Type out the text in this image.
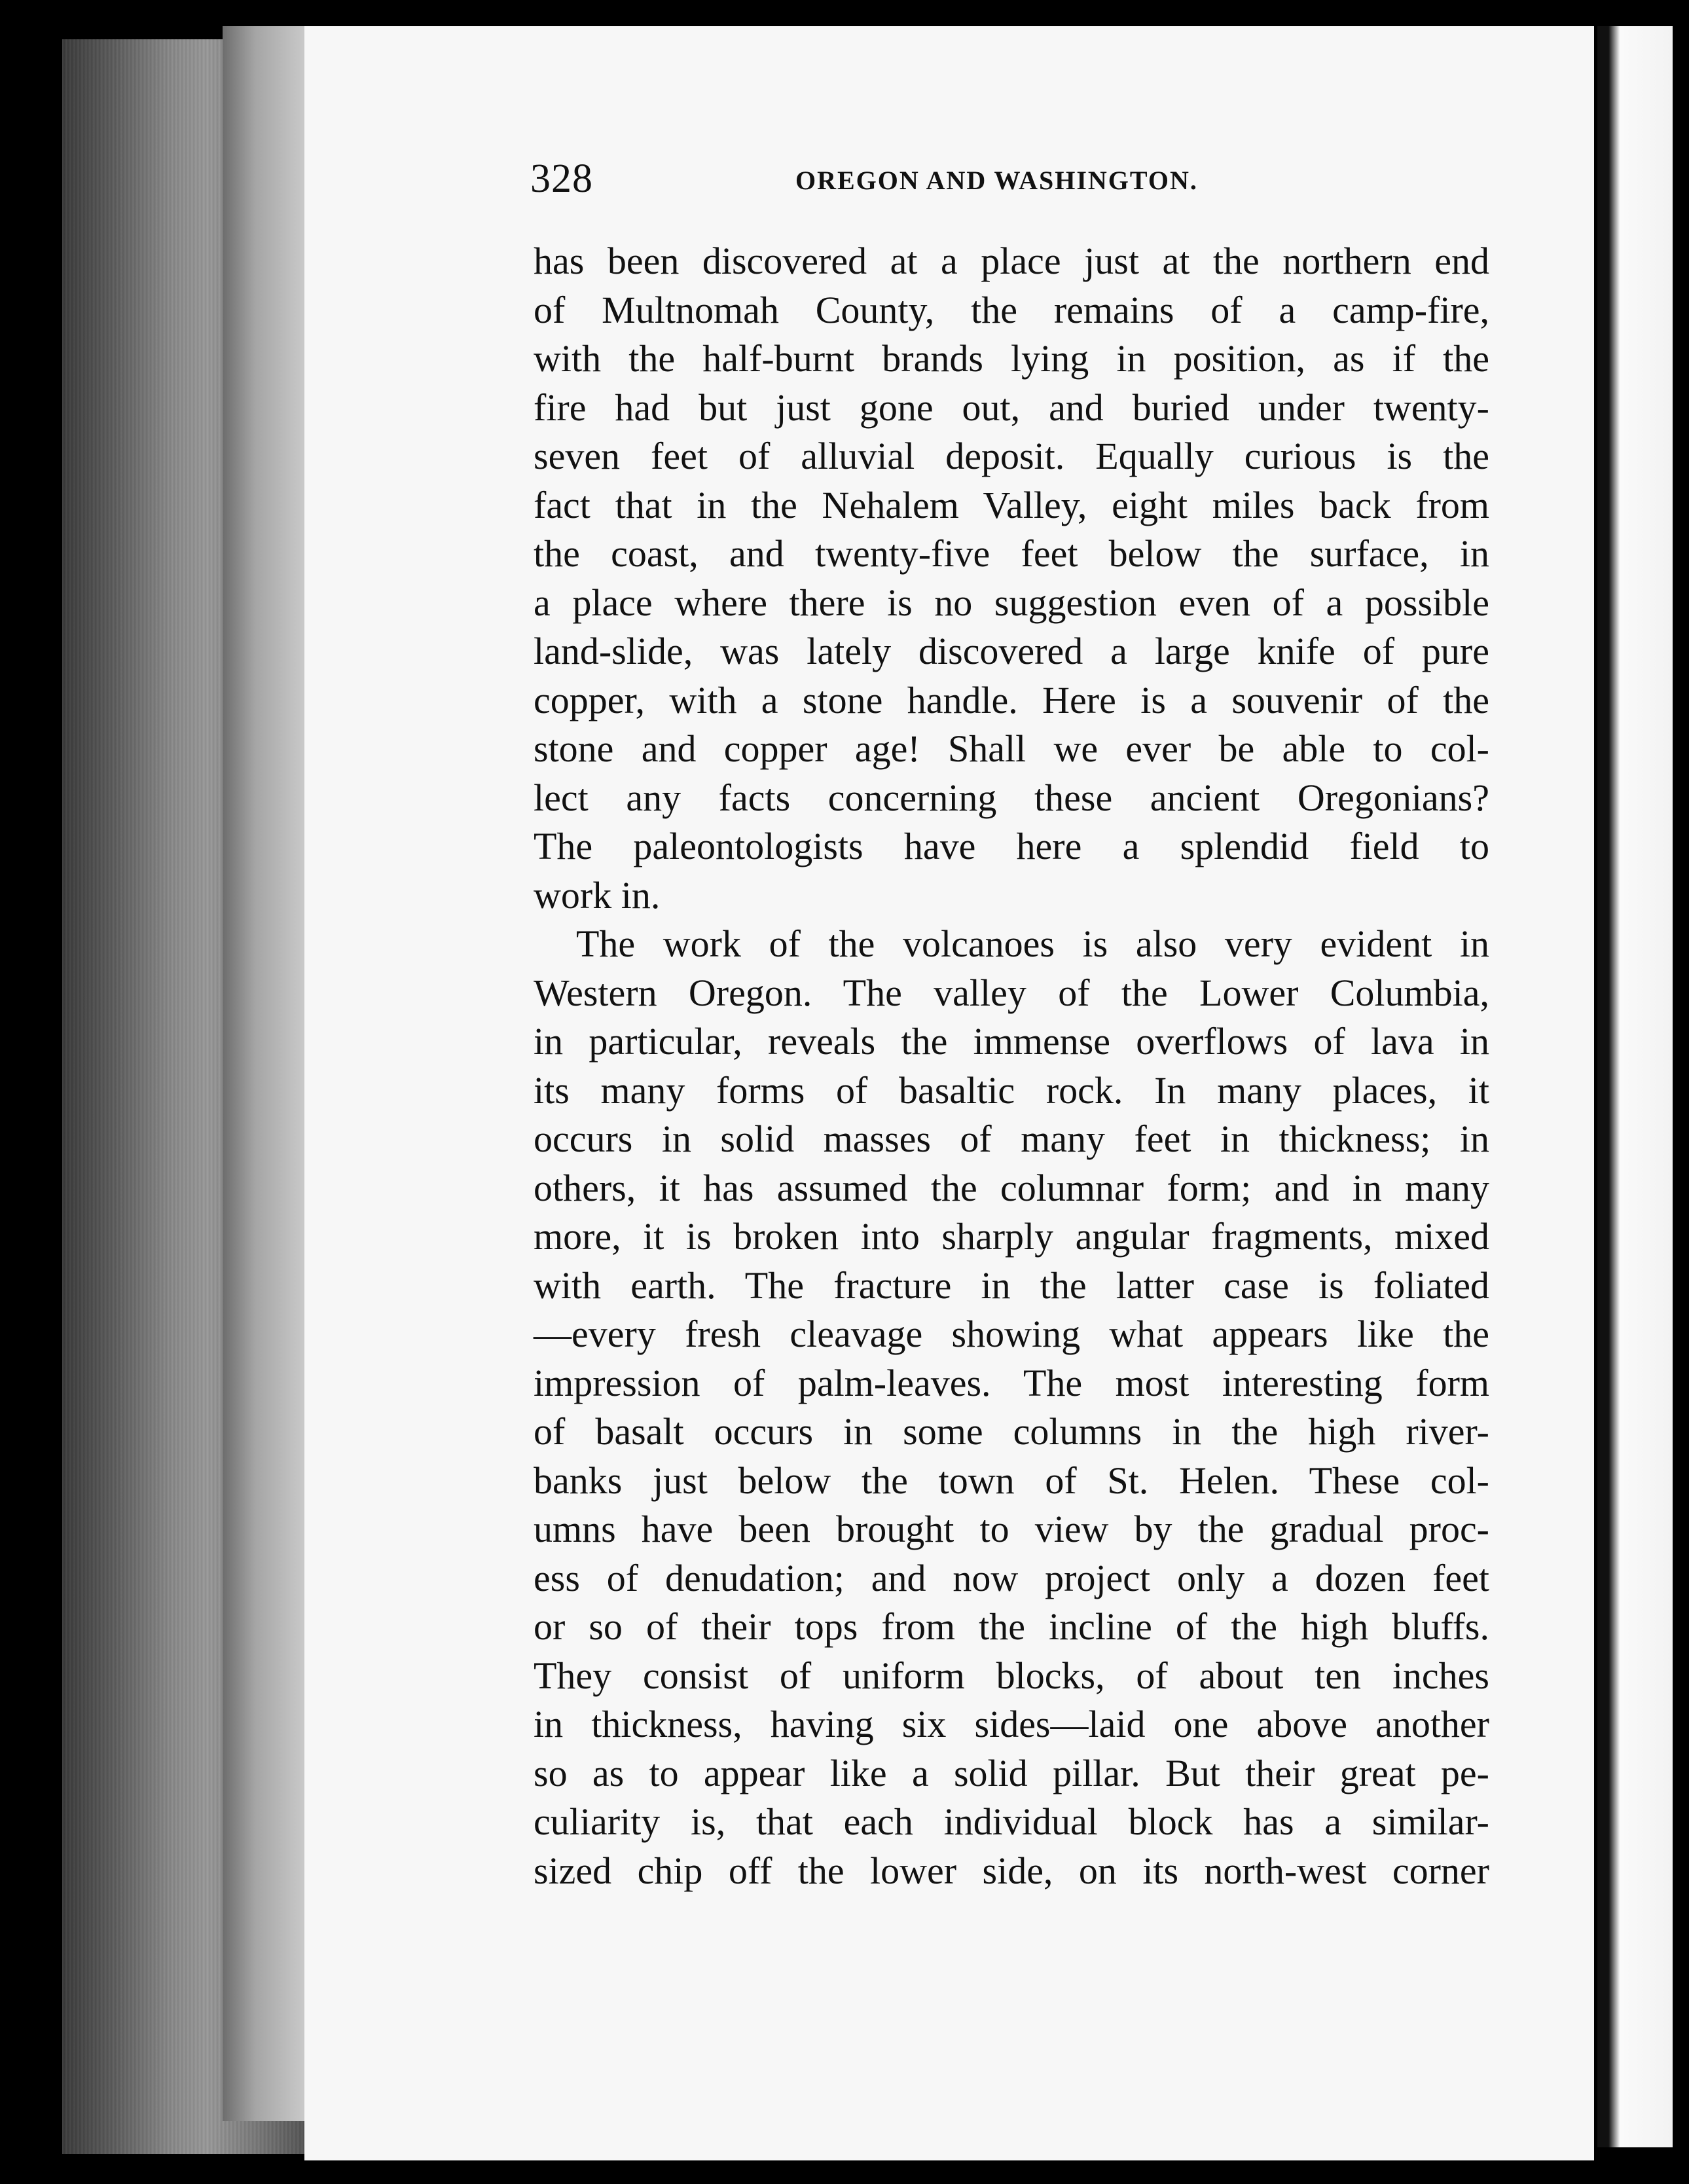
328	OREGON AND WASHINGTON.
has been discovered at a place just at the northern end
of Multnomah County, the remains of a camp-fire,
with the half-burnt brands lying in position, as if the
fire had but just gone out, and buried under twenty-
seven feet of alluvial deposit. Equally curious is the
fact that in the Nehalem Valley, eight miles back from
the coast, and twenty-five feet below the surface, in
a place where there is no suggestion even of a possible
land-slide, was lately discovered a large knife of pure
copper, with a stone handle. Here is a souvenir of the
stone and copper age! Shall we ever be able to col-
lect any facts concerning these ancient Oregonians?
The paleontologists have here a splendid field to
work in.
The work of the volcanoes is also very evident in
Western Oregon. The valley of the Lower Columbia,
in particular, reveals the immense overflows of lava in
its many forms of basaltic rock. In many places, it
occurs in solid masses of many feet in thickness; in
others, it has assumed the columnar form; and in many
more, it is broken into sharply angular fragments, mixed
with earth. The fracture in the latter case is foliated
—every fresh cleavage showing what appears like the
impression of palm-leaves. The most interesting form
of basalt occurs in some columns in the high river-
banks just below the town of St. Helen. These col-
umns have been brought to view by the gradual proc-
ess of denudation; and now project only a dozen feet
or so of their tops from the incline of the high bluffs.
They consist of uniform blocks, of about ten inches
in thickness, having six sides—laid one above another
so as to appear like a solid pillar. But their great pe-
culiarity is, that each individual block has a similar-
sized chip off the lower side, on its north-west corner
